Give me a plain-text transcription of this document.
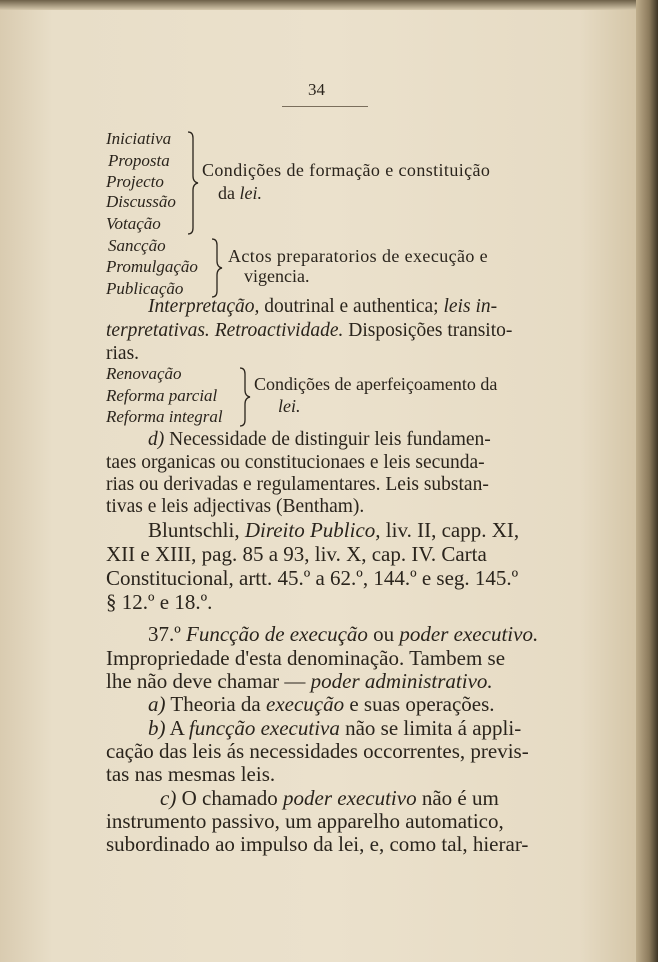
34
Iniciativa
Proposta
Projecto
Discussão
Votação
Condições de formação e constituição
da lei.
Sancção
Promulgação
Publicação
Actos preparatorios de execução e
vigencia.
Interpretação, doutrinal e authentica; leis in-
terpretativas. Retroactividade. Disposições transito-
rias.
Renovação
Reforma parcial
Reforma integral
Condições de aperfeiçoamento da
lei.
d) Necessidade de distinguir leis fundamen-
taes organicas ou constitucionaes e leis secunda-
rias ou derivadas e regulamentares. Leis substan-
tivas e leis adjectivas (Bentham).
Bluntschli, Direito Publico, liv. II, capp. XI,
XII e XIII, pag. 85 a 93, liv. X, cap. IV. Carta
Constitucional, artt. 45.º a 62.º, 144.º e seg. 145.º
§ 12.º e 18.º.
37.º Funcção de execução ou poder executivo.
Impropriedade d'esta denominação. Tambem se
lhe não deve chamar — poder administrativo.
a) Theoria da execução e suas operações.
b) A funcção executiva não se limita á appli-
cação das leis ás necessidades occorrentes, previs-
tas nas mesmas leis.
c) O chamado poder executivo não é um
instrumento passivo, um apparelho automatico,
subordinado ao impulso da lei, e, como tal, hierar-
